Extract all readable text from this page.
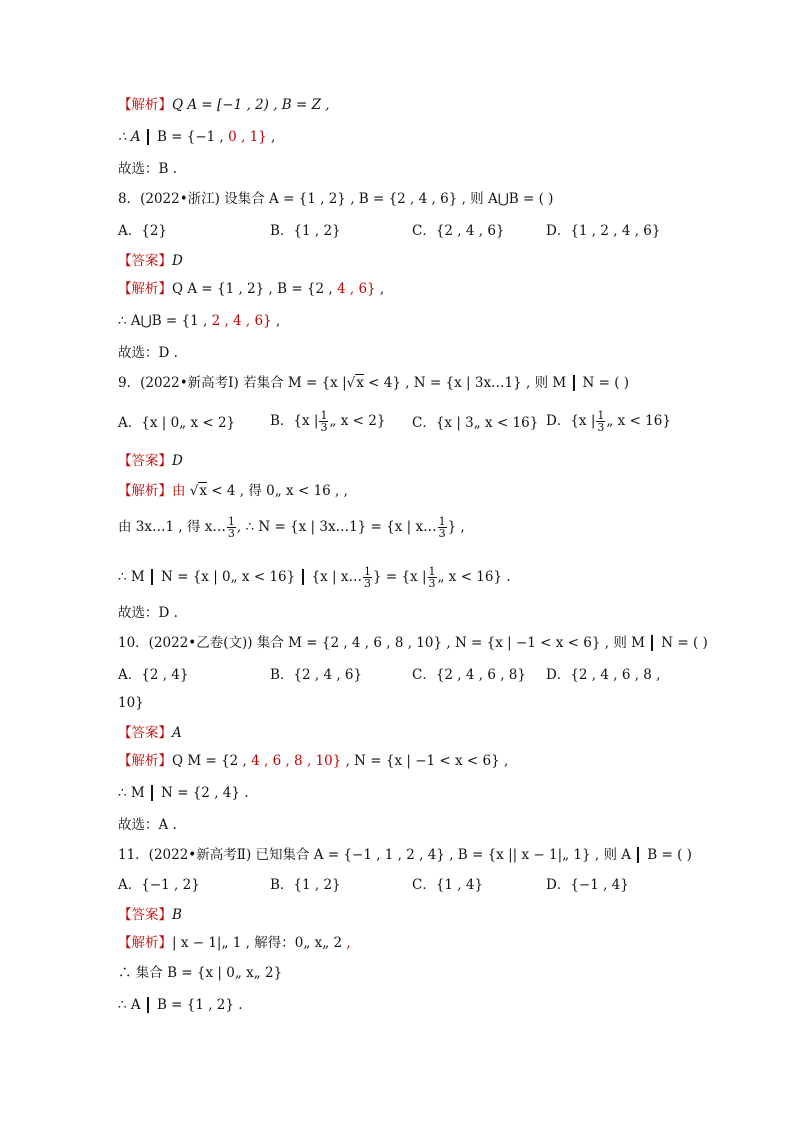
【解析】Q A = [−1 , 2) , B = Z ,
∴ A B = {−1 , 0 , 1} ,
故选：B .
8．(2022•浙江) 设集合 A = {1 , 2} , B = {2 , 4 , 6} , 则 A⋃B = ( )
A．{2}	B．{1 , 2}	C．{2 , 4 , 6}	D．{1 , 2 , 4 , 6}
【答案】D
【解析】Q A = {1 , 2} , B = {2 , 4 , 6} ,
∴ A⋃B = {1 , 2 , 4 , 6} ,
故选：D .
9．(2022•新高考Ⅰ) 若集合 M = {x |√x < 4} , N = {x | 3x…1} , 则 M N = ( )
A．{x | 0„ x < 2}	B．{x | $\frac{1}{3}$ „ x < 2} C．{x | 3„ x < 16} D．{x | $\frac{1}{3}$ „ x < 16}
【答案】D
【解析】由 √x < 4 , 得 0„ x < 16 , ,
由 3x…1 , 得 x… $\frac{1}{3}$ , ∴ N = {x | 3x…1} = {x | x… $\frac{1}{3}$ } ,
∴ M N = {x | 0„ x < 16} {x | x… $\frac{1}{3}$ } = {x | $\frac{1}{3}$ „ x < 16} .
故选：D .
10．(2022•乙卷(文)) 集合 M = {2 , 4 , 6 , 8 , 10} , N = {x | −1 < x < 6} , 则 M N = ( )
A．{2 , 4}	B．{2 , 4 , 6}	C．{2 , 4 , 6 , 8} D．{2 , 4 , 6 , 8 ,
10}
【答案】A
【解析】Q M = {2 , 4 , 6 , 8 , 10} , N = {x | −1 < x < 6} ,
∴ M N = {2 , 4} .
故选：A .
11．(2022•新高考Ⅱ) 已知集合 A = {−1 , 1 , 2 , 4} , B = {x || x − 1|„ 1} , 则 A B = ( )
A．{−1 , 2}	B．{1 , 2}	C．{1 , 4}	D．{−1 , 4}
【答案】B
【解析】| x − 1|„ 1 , 解得：0„ x„ 2 ,
∴ 集合 B = {x | 0„ x„ 2}
∴ A B = {1 , 2} .
